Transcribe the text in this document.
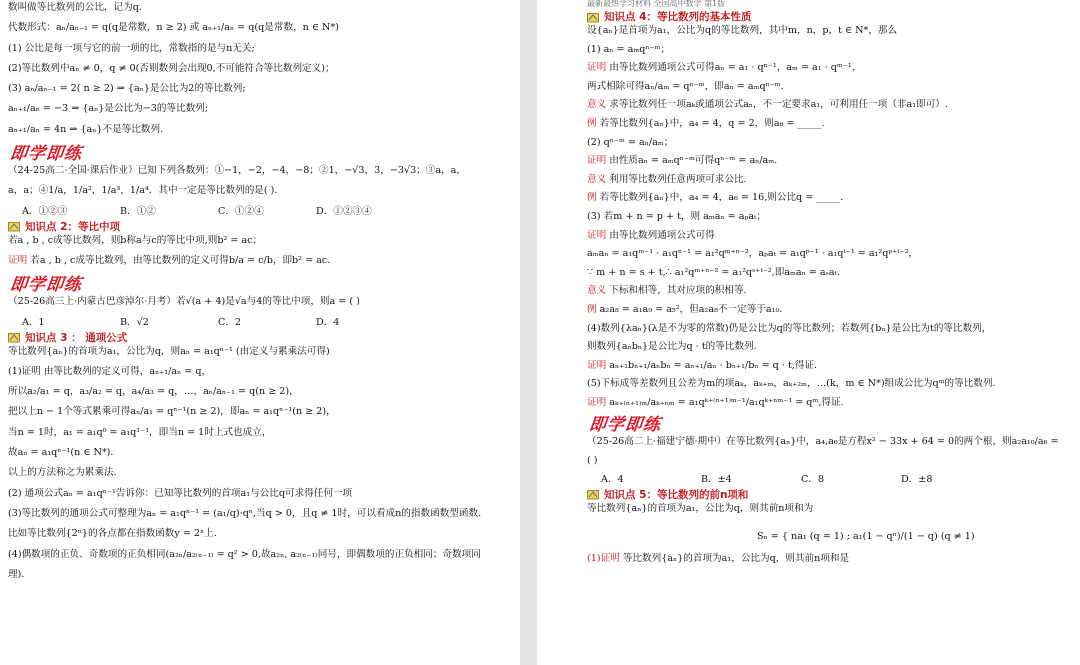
数叫做等比数列的公比，记为q.
代数形式：aₙ/aₙ₋₁ = q(q是常数，n ≥ 2) 或 aₙ₊₁/aₙ = q(q是常数，n ∈ N*)
(1) 公比是每一项与它的前一项的比，常数指的是与n无关;
(2)等比数列中aₙ ≠ 0，q ≠ 0(否则数列会出现0,不可能符合等比数列定义)；
(3) aₙ/aₙ₋₁ = 2( n ≥ 2) ⇒ {aₙ}是公比为2的等比数列;
aₙ₊₁/aₙ = −3 ⇒ {aₙ}是公比为−3的等比数列;
aₙ₊₁/aₙ = 4n ⇒ {aₙ}不是等比数列.
即学即练
（24-25高二·全国·课后作业）已知下列各数列：①−1，−2，−4，−8；②1，−√3，3，−3√3；③a，a，
a，a；④1/a，1/a²，1/a³，1/a⁴．其中一定是等比数列的是( ).
A．①②③	B．①②	C．①②④	D．①②③④
知识点 2：等比中项
若a , b , c成等比数列，则b称a与c的等比中项,则b² = ac；
证明 若a , b , c成等比数列，由等比数列的定义可得b/a = c/b，即b² = ac.
即学即练
（25-26高三上·内蒙古巴彦淖尔·月考）若√(a + 4)是√a与4的等比中项，则a = ( )
A．1	B．√2	C．2	D．4
知识点 3 ： 通项公式
等比数列{aₙ}的首项为a₁，公比为q，则aₙ = a₁qⁿ⁻¹ (由定义与累乘法可得)
(1)证明 由等比数列的定义可得，aₙ₊₁/aₙ = q，
所以a₂/a₁ = q，a₃/a₂ = q，a₄/a₃ = q，…，aₙ/aₙ₋₁ = q(n ≥ 2)，
把以上n − 1个等式累乘可得aₙ/a₁ = qⁿ⁻¹(n ≥ 2)，即aₙ = a₁qⁿ⁻¹(n ≥ 2)，
当n = 1时，a₁ = a₁q⁰ = a₁q¹⁻¹，即当n = 1时上式也成立，
故aₙ = a₁qⁿ⁻¹(n ∈ N*).
以上的方法称之为累乘法.
(2) 通项公式aₙ = a₁qⁿ⁻¹告诉你：已知等比数列的首项a₁与公比q可求得任何一项
(3)等比数列的通项公式可整理为aₙ = a₁qⁿ⁻¹ = (a₁/q)·qⁿ,当q > 0，且q ≠ 1时，可以看成n的指数函数型函数.
比如等比数列{2ⁿ}的各点都在指数函数y = 2ˣ上.
(4)偶数项的正负、奇数项的正负相同(a₂ₙ/a₂₍ₙ₋₁₎ = q² > 0,故a₂ₙ, a₂₍ₙ₋₁₎同号，即偶数项的正负相同；奇数项同
理).
最新最热学习材料 全国高中数学 第1版
知识点 4：等比数列的基本性质
设{aₙ}是首项为a₁，公比为q的等比数列，其中m，n，p，t ∈ N*，那么
(1) aₙ = aₘqⁿ⁻ᵐ；
证明 由等比数列通项公式可得aₙ = a₁ · qⁿ⁻¹，aₘ = a₁ · qᵐ⁻¹，
两式相除可得aₙ/aₘ = qⁿ⁻ᵐ，即aₙ = aₘqⁿ⁻ᵐ.
意义 求等比数列任一项aₖ或通项公式aₙ，不一定要求a₁，可利用任一项（非a₁即可）.
例 若等比数列{aₙ}中，a₄ = 4，q = 2，则a₆ = _____.
(2) qⁿ⁻ᵐ = aₙ/aₘ；
证明 由性质aₙ = aₘqⁿ⁻ᵐ可得qⁿ⁻ᵐ = aₙ/aₘ.
意义 利用等比数列任意两项可求公比.
例 若等比数列{aₙ}中，a₄ = 4，a₆ = 16,则公比q = _____.
(3) 若m + n = p + t，则 aₘaₙ = aₚaₜ；
证明 由等比数列通项公式可得
aₘaₙ = a₁qᵐ⁻¹ · a₁qⁿ⁻¹ = a₁²qᵐ⁺ⁿ⁻²，aₚaₜ = a₁qᵖ⁻¹ · a₁qᵗ⁻¹ = a₁²qᵖ⁺ᵗ⁻²，
∵ m + n = s + t,∴ a₁²qᵐ⁺ⁿ⁻² = a₁²qˢ⁺ᵗ⁻²,即aₘaₙ = aₛaₜ.
意义 下标和相等，其对应项的积相等.
例 a₂a₈ = a₁a₉ = a₅²，但a₂a₈不一定等于a₁₀.
(4)数列{λaₙ}(λ是不为零的常数)仍是公比为q的等比数列；若数列{bₙ}是公比为t的等比数列，
则数列{aₙbₙ}是公比为q · t的等比数列.
证明 aₙ₊₁bₙ₊₁/aₙbₙ = aₙ₊₁/aₙ · bₙ₊₁/bₙ = q · t,得证.
(5)下标成等差数列且公差为m的项aₖ，aₖ₊ₘ，aₖ₊₂ₘ，…(k，m ∈ N*)组成公比为qᵐ的等比数列.
证明 aₖ₊₍ₙ₊₁₎ₘ/aₖ₊ₙₘ = a₁qᵏ⁺⁽ⁿ⁺¹⁾ᵐ⁻¹/a₁qᵏ⁺ⁿᵐ⁻¹ = qᵐ,得证.
即学即练
（25-26高二上·福建宁德·期中）在等比数列{aₙ}中，a₄,a₆是方程x² − 33x + 64 = 0的两个根，则a₂a₁₀/a₆ =
( )
A．4	B．±4	C．8	D．±8
知识点 5：等比数列的前n项和
等比数列{aₙ}的首项为a₁，公比为q，则其前n项和为
Sₙ = { na₁ (q = 1) ; a₁(1 − qⁿ)/(1 − q) (q ≠ 1)
(1)证明 等比数列{aₙ}的首项为a₁，公比为q，则其前n项和是
